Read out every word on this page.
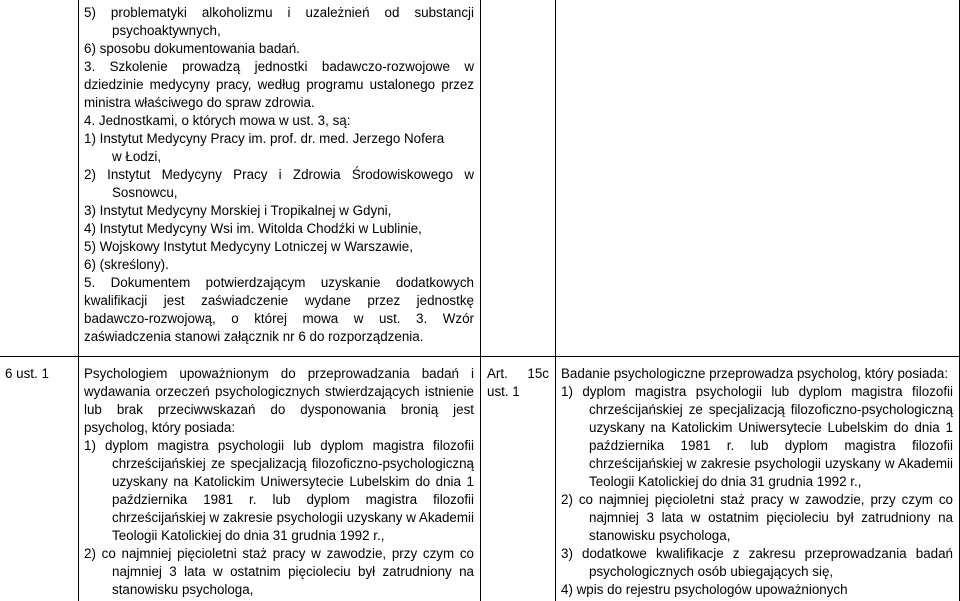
5) problematyki alkoholizmu i uzależnień od substancji
psychoaktywnych,
6) sposobu dokumentowania badań.
3. Szkolenie prowadzą jednostki badawczo-rozwojowe w
dziedzinie medycyny pracy, według programu ustalonego przez
ministra właściwego do spraw zdrowia.
4. Jednostkami, o których mowa w ust. 3, są:
1) Instytut Medycyny Pracy im. prof. dr. med. Jerzego Nofera
w Łodzi,
2) Instytut Medycyny Pracy i Zdrowia Środowiskowego w
Sosnowcu,
3) Instytut Medycyny Morskiej i Tropikalnej w Gdyni,
4) Instytut Medycyny Wsi im. Witolda Chodźki w Lublinie,
5) Wojskowy Instytut Medycyny Lotniczej w Warszawie,
6) (skreślony).
5. Dokumentem potwierdzającym uzyskanie dodatkowych
kwalifikacji jest zaświadczenie wydane przez jednostkę
badawczo-rozwojową, o której mowa w ust. 3. Wzór
zaświadczenia stanowi załącznik nr 6 do rozporządzenia.
6 ust. 1	Psychologiem upoważnionym do przeprowadzania badań i
wydawania orzeczeń psychologicznych stwierdzających istnienie
lub brak przeciwwskazań do dysponowania bronią jest
psycholog, który posiada:
1) dyplom magistra psychologii lub dyplom magistra filozofii
chrześcijańskiej ze specjalizacją filozoficzno-psychologiczną
uzyskany na Katolickim Uniwersytecie Lubelskim do dnia 1
października 1981 r. lub dyplom magistra filozofii
chrześcijańskiej w zakresie psychologii uzyskany w Akademii
Teologii Katolickiej do dnia 31 grudnia 1992 r.,
2) co najmniej pięcioletni staż pracy w zawodzie, przy czym co
najmniej 3 lata w ostatnim pięcioleciu był zatrudniony na
stanowisku psychologa,
Art. 15c
ust. 1
Badanie psychologiczne przeprowadza psycholog, który posiada:
1) dyplom magistra psychologii lub dyplom magistra filozofii
chrześcijańskiej ze specjalizacją filozoficzno-psychologiczną
uzyskany na Katolickim Uniwersytecie Lubelskim do dnia 1
października 1981 r. lub dyplom magistra filozofii
chrześcijańskiej w zakresie psychologii uzyskany w Akademii
Teologii Katolickiej do dnia 31 grudnia 1992 r.,
2) co najmniej pięcioletni staż pracy w zawodzie, przy czym co
najmniej 3 lata w ostatnim pięcioleciu był zatrudniony na
stanowisku psychologa,
3) dodatkowe kwalifikacje z zakresu przeprowadzania badań
psychologicznych osób ubiegających się,
4) wpis do rejestru psychologów upoważnionych
